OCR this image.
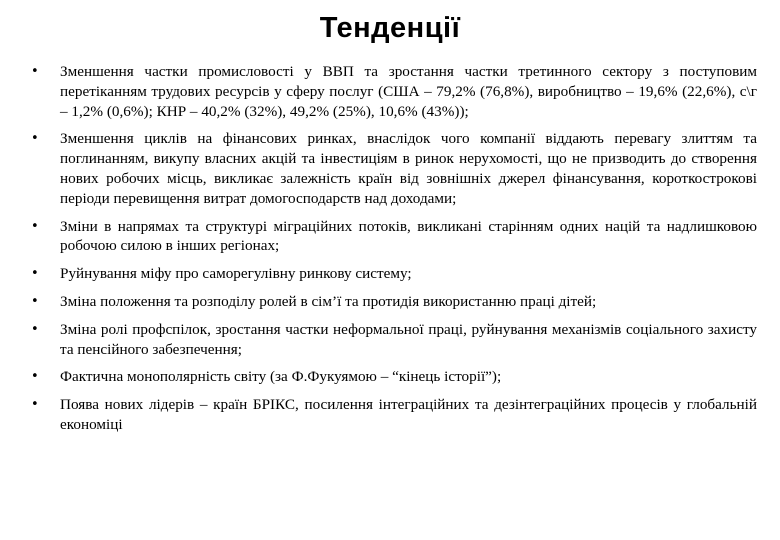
Тенденції
• Зменшення частки промисловості у ВВП та зростання частки третинного сектору з поступовим перетіканням трудових ресурсів у сферу послуг (США – 79,2% (76,8%), виробництво – 19,6% (22,6%), с\г – 1,2% (0,6%); КНР – 40,2% (32%), 49,2% (25%), 10,6% (43%));
• Зменшення циклів на фінансових ринках, внаслідок чого компанії віддають перевагу злиттям та поглинанням, викупу власних акцій та інвестиціям в ринок нерухомості, що не призводить до створення нових робочих місць, викликає залежність країн від зовнішніх джерел фінансування, короткострокові періоди перевищення витрат домогосподарств над доходами;
• Зміни в напрямах та структурі міграційних потоків, викликані старінням одних націй та надлишковою робочою силою в інших регіонах;
• Руйнування міфу про саморегулівну ринкову систему;
• Зміна положення та розподілу ролей в сім’ї та протидія використанню праці дітей;
• Зміна ролі профспілок, зростання частки неформальної праці, руйнування механізмів соціального захисту та пенсійного забезпечення;
• Фактична монополярність світу (за Ф.Фукуямою – “кінець історії”);
• Поява нових лідерів – країн БРІКС, посилення інтеграційних та дезінтеграційних процесів у глобальній економіці
